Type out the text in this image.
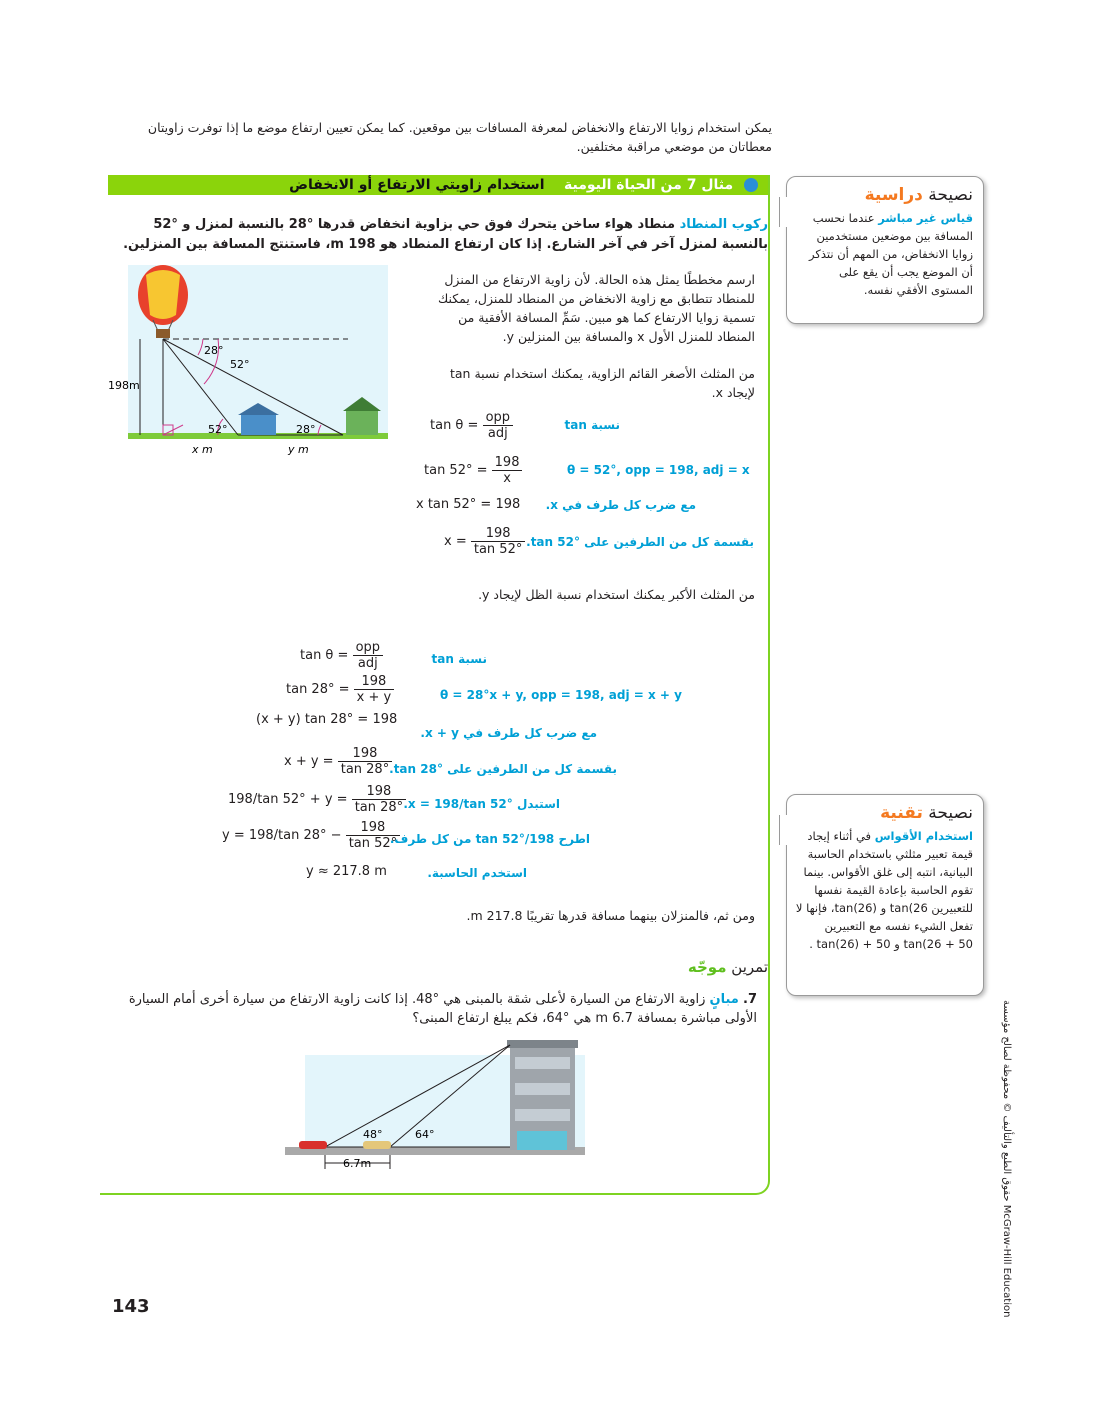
يمكن استخدام زوايا الارتفاع والانخفاض لمعرفة المسافات بين موقعين. كما يمكن تعيين ارتفاع موضع ما إذا توفرت زاويتان معطاتان من موضعي مراقبة مختلفين.
مثال 7 من الحياة اليومية    استخدام زاويتي الارتفاع أو الانخفاض
ركوب المنطاد منطاد هواء ساخن يتحرك فوق حي بزاوية انخفاض قدرها °28 بالنسبة لمنزل و °52 بالنسبة لمنزل آخر في آخر الشارع. إذا كان ارتفاع المنطاد هو 198 m، فاستنتج المسافة بين المنزلين.
28°
52°
52°	28°
198m
x m	y m
ارسم مخططًا يمثل هذه الحالة. لأن زاوية الارتفاع من المنزل للمنطاد تتطابق مع زاوية الانخفاض من المنطاد للمنزل، يمكنك تسمية زوايا الارتفاع كما هو مبين. سَمِّ المسافة الأفقية من المنطاد للمنزل الأول x والمسافة بين المنزلين y.
من المثلث الأصغر القائم الزاوية، يمكنك استخدام نسبة tan لإيجاد x.
$\tan \theta = \frac{\text{opp}}{\text{adj}}$	نسبة tan
$\tan 52^\circ = \frac{198}{x}$	θ = 52°, opp = 198, adj = x
x tan 52° = 198 مع ضرب كل طرف في x.
$x = \frac{198}{\tan 52^\circ}$ بقسمة كل من الطرفين على tan 52°.
من المثلث الأكبر يمكنك استخدام نسبة الظل لإيجاد y.
$\tan \theta = \frac{\text{opp}}{\text{adj}}$	نسبة tan
$\tan 28^\circ = \frac{198}{x + y}$	θ = 28°x + y, opp = 198, adj = x + y
(x + y) tan 28° = 198
مع ضرب كل طرف في x + y.
$x + y = \frac{198}{\tan 28^\circ}$
بقسمة كل من الطرفين على tan 28°.
198/tan $52^\circ + y = \frac{198}{\tan 28^\circ}$
استبدل x = 198/tan 52°.
y = 198/tan $28^\circ - \frac{198}{\tan 52^\circ}$
اطرح 198/tan 52° من كل طرف.
y ≈ 217.8 m	استخدم الحاسبة.
ومن ثم، فالمنزلان بينهما مسافة قدرها تقريبًا 217.8 m.
تمرين موجّه
7. مبانٍ زاوية الارتفاع من السيارة لأعلى شقة بالمبنى هي °48. إذا كانت زاوية الارتفاع من سيارة أخرى أمام السيارة الأولى مباشرة بمسافة 6.7 m هي °64، فكم يبلغ ارتفاع المبنى؟
48°	64°
6.7m
نصيحة دراسية
قياس غير مباشر عندما نحسب المسافة بين موضعين مستخدمين زوايا الانخفاض، من المهم أن نتذكر أن الموضع يجب أن يقع على المستوى الأفقي نفسه.
نصيحة تقنية
استخدام الأقواس في أثناء إيجاد قيمة تعبير مثلثي باستخدام الحاسبة البيانية، انتبه إلى غلق الأقواس. بينما تقوم الحاسبة بإعادة القيمة نفسها للتعبيرين tan(26 و tan(26)، فإنها لا تفعل الشيء نفسه مع التعبيرين tan(26 + 50 و tan(26) + 50 .
حقوق الطبع والتأليف © محفوظة لصالح مؤسسة McGraw-Hill Education
143
